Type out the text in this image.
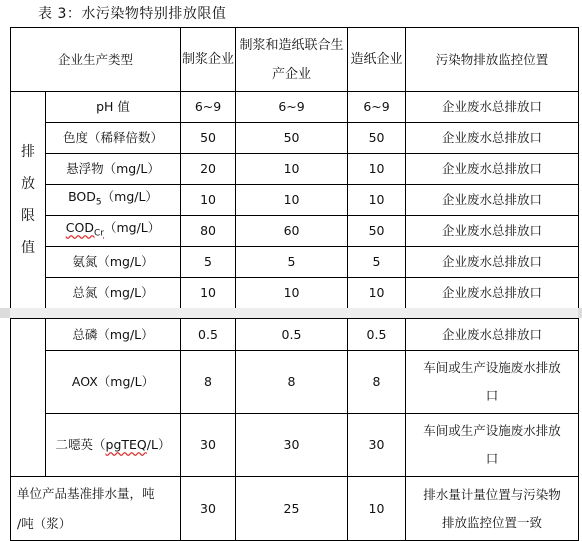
表 3：水污染物特别排放限值
企业生产类型		制浆企业	制浆和造纸联合生产企业	造纸企业	污染物排放监控位置
排
放
限
值	pH 值	6~9	6~9	6~9	企业废水总排放口
	色度（稀释倍数）	50	50	50	企业废水总排放口
	悬浮物（mg/L）	20	10	10	企业废水总排放口
	$BOD_5(mg/L)$	10	10	10	企业废水总排放口
	$COD_{Cr}(mg/L)$	80	60	50	企业废水总排放口
	氨氮（mg/L）	5	5	5	企业废水总排放口
	总氮（mg/L）	10	10	10	企业废水总排放口
	总磷（mg/L）	0.5	0.5	0.5	企业废水总排放口
	AOX（mg/L）	8	8	8	车间或生产设施废水排放
口
	二噁英（pgTEQ/L）	30	30	30	车间或生产设施废水排放
口
单位产品基准排水量，吨
/吨（浆）		30	25	10	排水量计量位置与污染物
排放监控位置一致
